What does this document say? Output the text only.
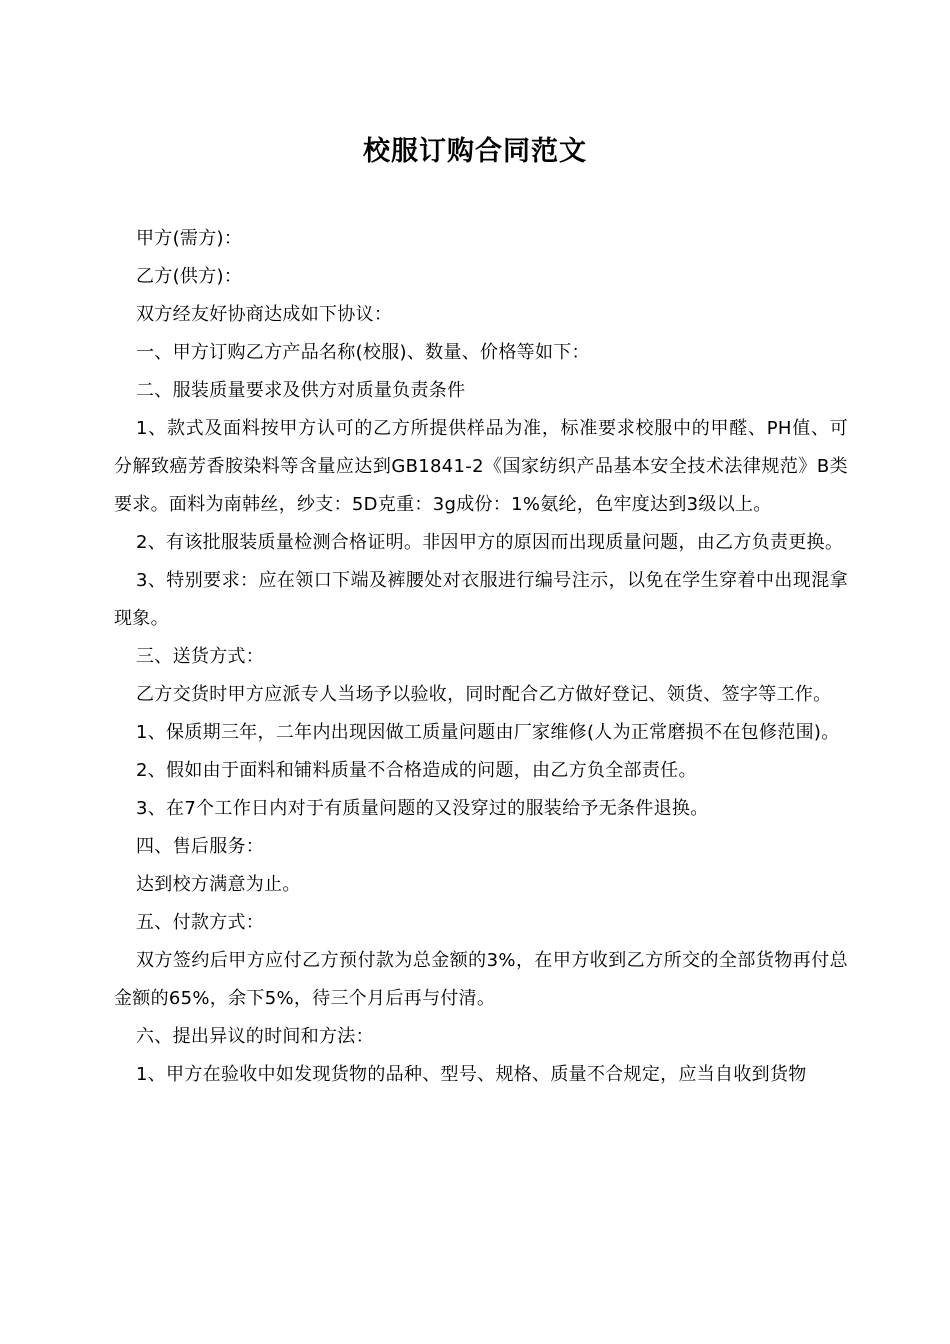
校服订购合同范文

甲方(需方)：

乙方(供方)：

双方经友好协商达成如下协议：

一、甲方订购乙方产品名称(校服)、数量、价格等如下：

二、服装质量要求及供方对质量负责条件

1、款式及面料按甲方认可的乙方所提供样品为准，标准要求校服中的甲醛、PH值、可分解致癌芳香胺染料等含量应达到GB1841-2《国家纺织产品基本安全技术法律规范》B类要求。面料为南韩丝，纱支：5D克重：3g成份：1%氨纶，色牢度达到3级以上。

2、有该批服装质量检测合格证明。非因甲方的原因而出现质量问题，由乙方负责更换。

3、特别要求：应在领口下端及裤腰处对衣服进行编号注示，以免在学生穿着中出现混拿现象。

三、送货方式：

乙方交货时甲方应派专人当场予以验收，同时配合乙方做好登记、领货、签字等工作。

1、保质期三年，二年内出现因做工质量问题由厂家维修(人为正常磨损不在包修范围)。

2、假如由于面料和铺料质量不合格造成的问题，由乙方负全部责任。

3、在7个工作日内对于有质量问题的又没穿过的服装给予无条件退换。

四、售后服务：

达到校方满意为止。

五、付款方式：

双方签约后甲方应付乙方预付款为总金额的3%，在甲方收到乙方所交的全部货物再付总金额的65%，余下5%，待三个月后再与付清。

六、提出异议的时间和方法：

1、甲方在验收中如发现货物的品种、型号、规格、质量不合规定，应当自收到货物
